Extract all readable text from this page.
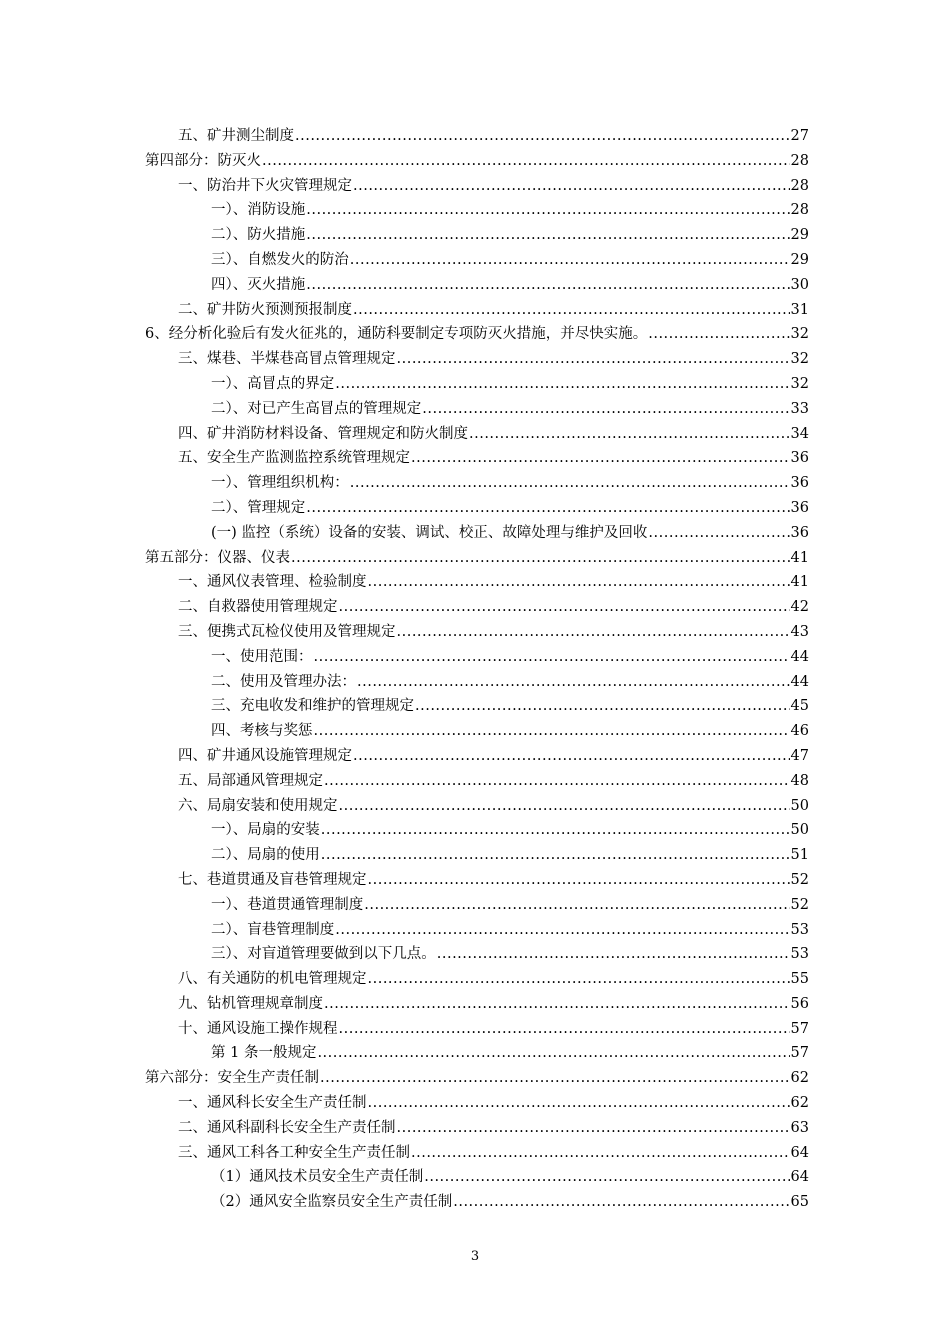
五、矿井测尘制度 .....	27
第四部分：防灭火 .....	28
一、防治井下火灾管理规定 .....	28
一）、消防设施 .....	28
二）、防火措施 .....	29
三）、自燃发火的防治 .....	29
四）、灭火措施 .....	30
二、矿井防火预测预报制度 .....	31
6、经分析化验后有发火征兆的，通防科要制定专项防灭火措施，并尽快实施。 .....	32
三、煤巷、半煤巷高冒点管理规定 .....	32
一）、高冒点的界定 .....	32
二）、对已产生高冒点的管理规定 .....	33
四、矿井消防材料设备、管理规定和防火制度 .....	34
五、安全生产监测监控系统管理规定 .....	36
一）、管理组织机构： .....	36
二）、管理规定 .....	36
(一) 监控（系统）设备的安装、调试、校正、故障处理与维护及回收 .....	36
第五部分：仪器、仪表 .....	41
一、通风仪表管理、检验制度 .....	41
二、自救器使用管理规定 .....	42
三、便携式瓦检仪使用及管理规定 .....	43
一、使用范围： .....	44
二、使用及管理办法： .....	44
三、充电收发和维护的管理规定 .....	45
四、考核与奖惩 .....	46
四、矿井通风设施管理规定 .....	47
五、局部通风管理规定 .....	48
六、局扇安装和使用规定 .....	50
一）、局扇的安装 .....	50
二）、局扇的使用 .....	51
七、巷道贯通及盲巷管理规定 .....	52
一）、巷道贯通管理制度 .....	52
二）、盲巷管理制度 .....	53
三）、对盲道管理要做到以下几点。 .....	53
八、有关通防的机电管理规定 .....	55
九、钻机管理规章制度 .....	56
十、通风设施工操作规程 .....	57
第 1 条一般规定 .....	57
第六部分：安全生产责任制 .....	62
一、通风科长安全生产责任制 .....	62
二、通风科副科长安全生产责任制 .....	63
三、通风工科各工种安全生产责任制 .....	64
（1）通风技术员安全生产责任制 .....	64
（2）通风安全监察员安全生产责任制 .....	65
3
